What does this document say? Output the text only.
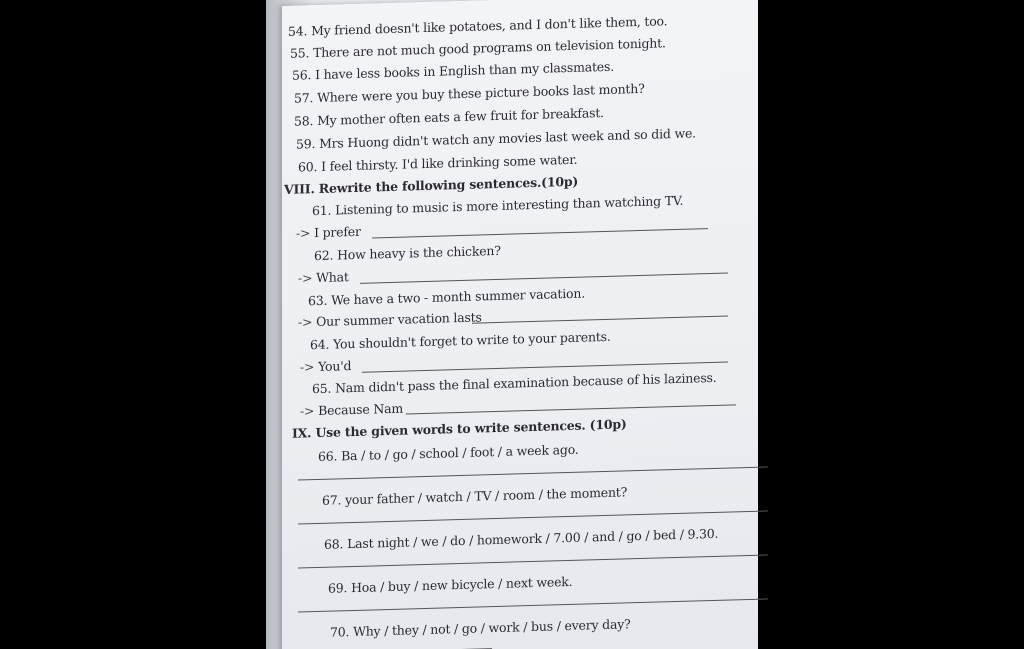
54. My friend doesn't like potatoes, and I don't like them, too.
55. There are not much good programs on television tonight.
56. I have less books in English than my classmates.
57. Where were you buy these picture books last month?
58. My mother often eats a few fruit for breakfast.
59. Mrs Huong didn't watch any movies last week and so did we.
60. I feel thirsty. I'd like drinking some water.
VIII. Rewrite the following sentences.(10p)
61. Listening to music is more interesting than watching TV.
-> I prefer
62. How heavy is the chicken?
-> What
63. We have a two - month summer vacation.
-> Our summer vacation lasts
64. You shouldn't forget to write to your parents.
-> You'd
65. Nam didn't pass the final examination because of his laziness.
-> Because Nam
IX. Use the given words to write sentences. (10p)
66. Ba / to / go / school / foot / a week ago.
67. your father / watch / TV / room / the moment?
68. Last night / we / do / homework / 7.00 / and / go / bed / 9.30.
69. Hoa / buy / new bicycle / next week.
70. Why / they / not / go / work / bus / every day?
